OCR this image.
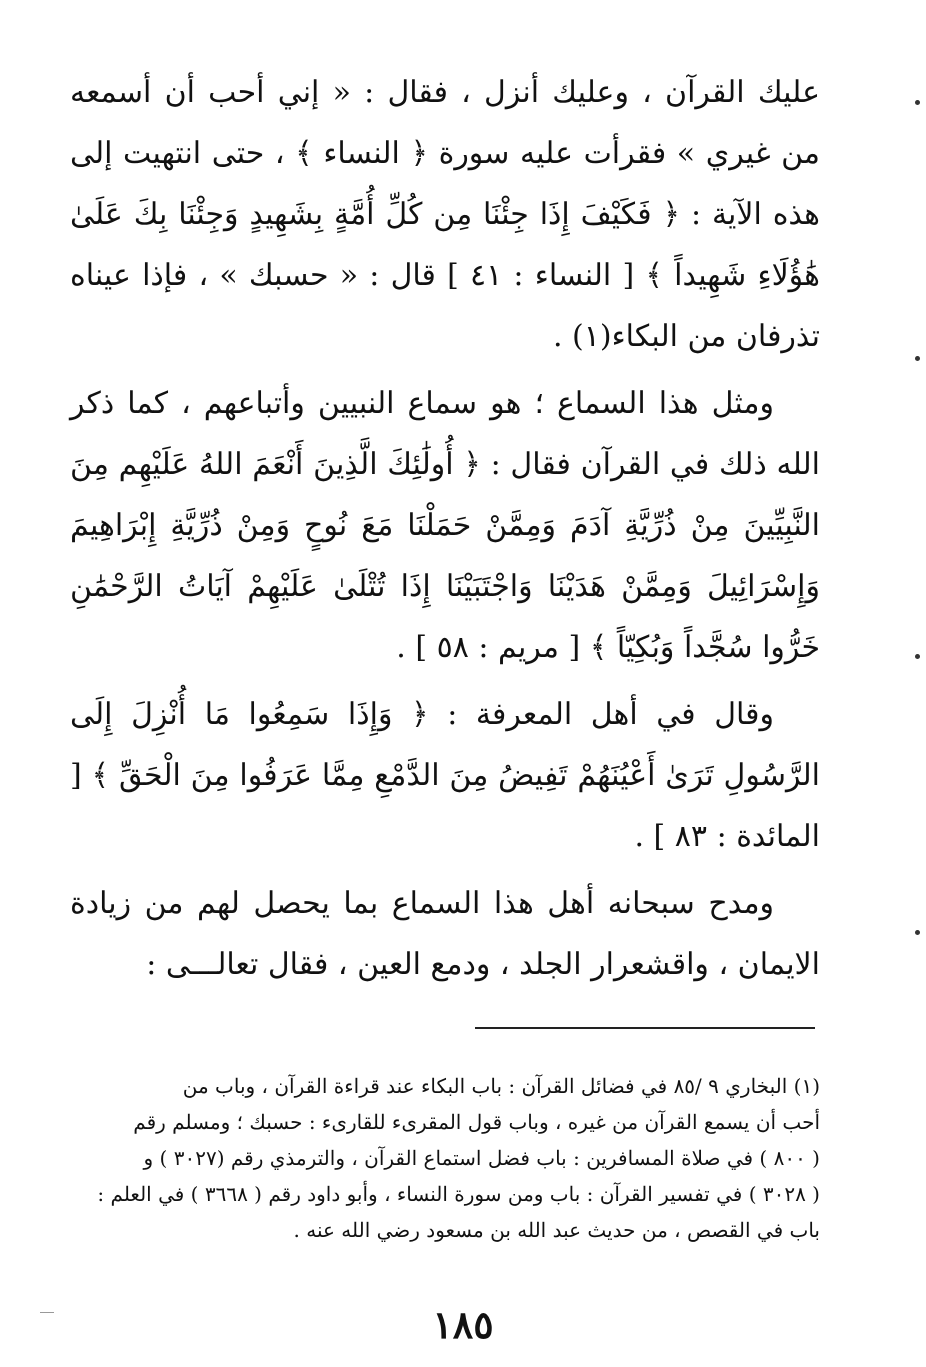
عليك القرآن ، وعليك أنزل ، فقال : « إني أحب أن أسمعه من غيري » فقرأت عليه سورة ﴿ النساء ﴾ ، حتى انتهيت إلى هذه الآية : ﴿ فَكَيْفَ إِذَا جِئْنَا مِن كُلِّ أُمَّةٍ بِشَهِيدٍ وَجِئْنَا بِكَ عَلَىٰ هَٰؤُلَاءِ شَهِيداً ﴾ [ النساء : ٤١ ] قال : « حسبك » ، فإذا عيناه تذرفان من البكاء(١) .

ومثل هذا السماع ؛ هو سماع النبيين وأتباعهم ، كما ذكر الله ذلك في القرآن فقال : ﴿ أُولَٰئِكَ الَّذِينَ أَنْعَمَ اللهُ عَلَيْهِم مِنَ النَّبِيِّينَ مِنْ ذُرِّيَّةِ آدَمَ وَمِمَّنْ حَمَلْنَا مَعَ نُوحٍ وَمِنْ ذُرِّيَّةِ إِبْرَاهِيمَ وَإِسْرَائِيلَ وَمِمَّنْ هَدَيْنَا وَاجْتَبَيْنَا إِذَا تُتْلَىٰ عَلَيْهِمْ آيَاتُ الرَّحْمَٰنِ خَرُّوا سُجَّداً وَبُكِيّاً ﴾ [ مريم : ٥٨ ] .

وقال في أهل المعرفة : ﴿ وَإِذَا سَمِعُوا مَا أُنْزِلَ إِلَى الرَّسُولِ تَرَىٰ أَعْيُنَهُمْ تَفِيضُ مِنَ الدَّمْعِ مِمَّا عَرَفُوا مِنَ الْحَقِّ ﴾ [ المائدة : ٨٣ ] .

ومدح سبحانه أهل هذا السماع بما يحصل لهم من زيادة الايمان ، واقشعرار الجلد ، ودمع العين ، فقال تعالـــى :

(١) البخاري ٩ /٨٥ في فضائل القرآن : باب البكاء عند قراءة القرآن ، وباب من

أحب أن يسمع القرآن من غيره ، وباب قول المقرىء للقارىء : حسبك ؛ ومسلم رقم

( ٨٠٠ ) في صلاة المسافرين : باب فضل استماع القرآن ، والترمذي رقم (٣٠٢٧ ) و

( ٣٠٢٨ ) في تفسير القرآن : باب ومن سورة النساء ، وأبو داود رقم ( ٣٦٦٨ ) في العلم :

باب في القصص ، من حديث عبد الله بن مسعود رضي الله عنه .

١٨٥
